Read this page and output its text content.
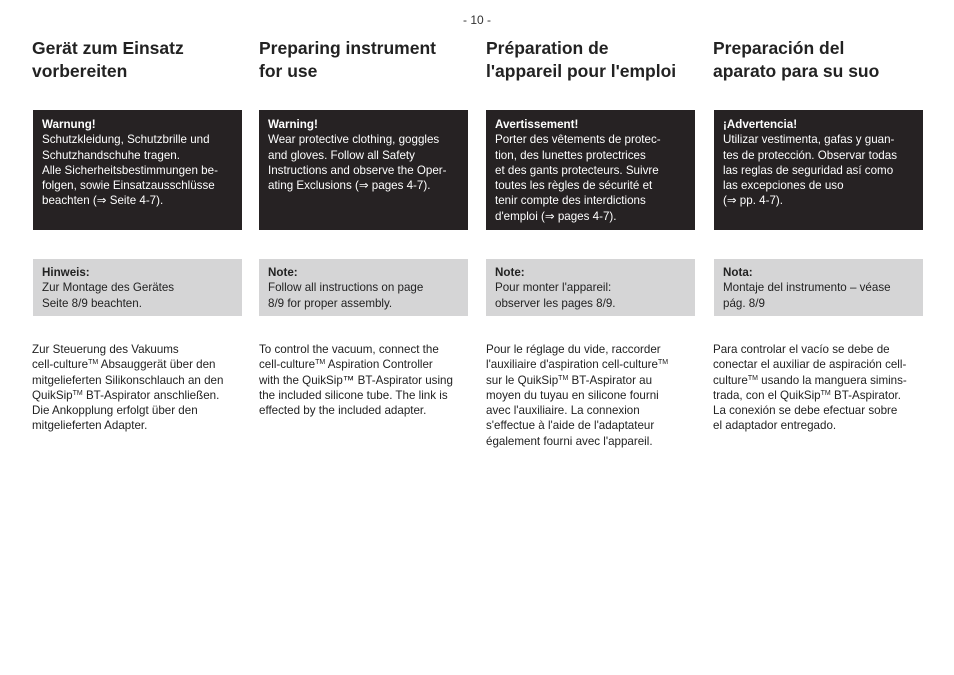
- 10 -
Gerät zum Einsatz
vorbereiten
Warnung!
Schutzkleidung, Schutzbrille und
Schutzhandschuhe tragen.
Alle Sicherheitsbestimmungen be-
folgen, sowie Einsatzausschlüsse
beachten (⇒ Seite 4-7).
Hinweis:
Zur Montage des Gerätes
Seite 8/9 beachten.
Zur Steuerung des Vakuums
cell-culture™ Absauggerät über den
mitgelieferten Silikonschlauch an den
QuikSip™ BT-Aspirator anschließen.
Die Ankopplung erfolgt über den
mitgelieferten Adapter.
Preparing instrument
for use
Warning!
Wear protective clothing, goggles
and gloves. Follow all Safety
Instructions and observe the Oper-
ating Exclusions (⇒ pages 4-7).
Note:
Follow all instructions on page
8/9 for proper assembly.
To control the vacuum, connect the
cell-culture™ Aspiration Controller
with the QuikSip™ BT-Aspirator using
the included silicone tube. The link is
effected by the included adapter.
Préparation de
l'appareil pour l'emploi
Avertissement!
Porter des vêtements de protec-
tion, des lunettes protectrices
et des gants protecteurs. Suivre
toutes les règles de sécurité et
tenir compte des interdictions
d'emploi (⇒ pages 4-7).
Note:
Pour monter l'appareil:
observer les pages 8/9.
Pour le réglage du vide, raccorder
l'auxiliaire d'aspiration cell-culture™
sur le QuikSip™ BT-Aspirator au
moyen du tuyau en silicone fourni
avec l'auxiliaire. La connexion
s'effectue à l'aide de l'adaptateur
également fourni avec l'appareil.
Preparación del
aparato para su suo
¡Advertencia!
Utilizar vestimenta, gafas y guan-
tes de protección. Observar todas
las reglas de seguridad así como
las excepciones de uso
(⇒ pp. 4-7).
Nota:
Montaje del instrumento – véase
pág. 8/9
Para controlar el vacío se debe de
conectar el auxiliar de aspiración cell-
culture™ usando la manguera simins-
trada, con el QuikSip™ BT-Aspirator.
La conexión se debe efectuar sobre
el adaptador entregado.
